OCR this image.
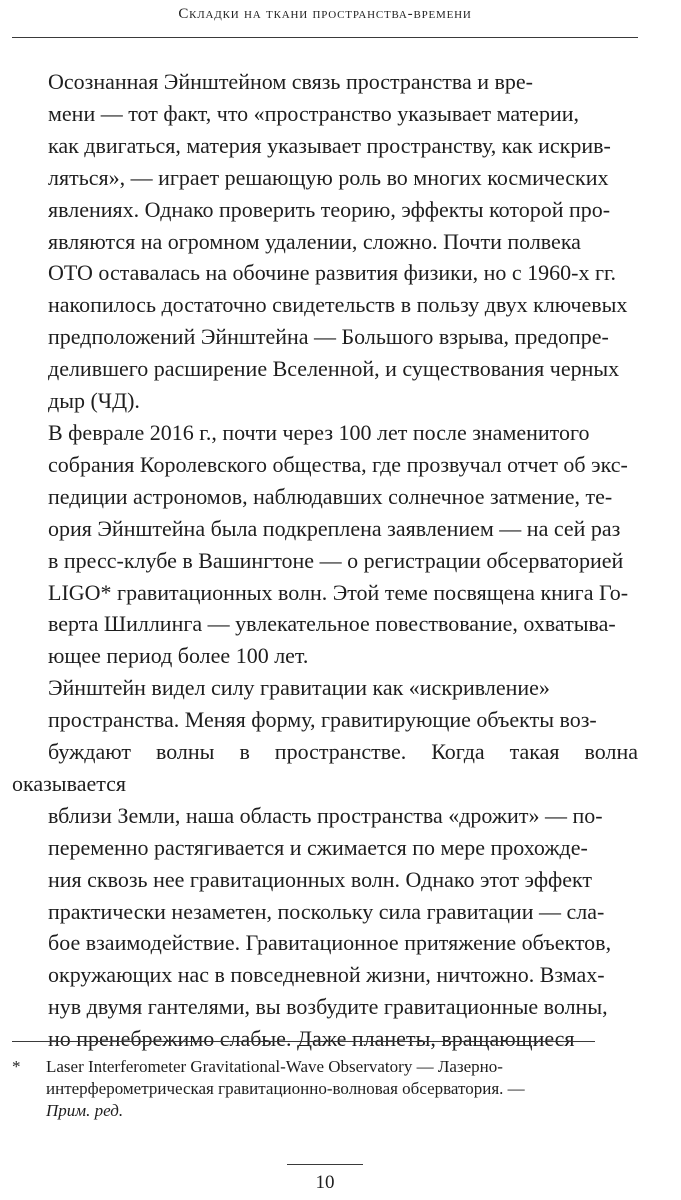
Складки на ткани пространства-времени

Осознанная Эйнштейном связь пространства и вре-
мени — тот факт, что «пространство указывает материи,
как двигаться, материя указывает пространству, как искрив-
ляться», — играет решающую роль во многих космических
явлениях. Однако проверить теорию, эффекты которой про-
являются на огромном удалении, сложно. Почти полвека
ОТО оставалась на обочине развития физики, но с 1960-х гг.
накопилось достаточно свидетельств в пользу двух ключевых
предположений Эйнштейна — Большого взрыва, предопре-
делившего расширение Вселенной, и существования черных
дыр (ЧД).

В феврале 2016 г., почти через 100 лет после знаменитого
собрания Королевского общества, где прозвучал отчет об экс-
педиции астрономов, наблюдавших солнечное затмение, те-
ория Эйнштейна была подкреплена заявлением — на сей раз
в пресс-клубе в Вашингтоне — о регистрации обсерваторией
LIGO* гравитационных волн. Этой теме посвящена книга Го-
верта Шиллинга — увлекательное повествование, охватыва-
ющее период более 100 лет.

Эйнштейн видел силу гравитации как «искривление»
пространства. Меняя форму, гравитирующие объекты воз-
буждают волны в пространстве. Когда такая волна оказывается
вблизи Земли, наша область пространства «дрожит» — по-
переменно растягивается и сжимается по мере прохожде-
ния сквозь нее гравитационных волн. Однако этот эффект
практически незаметен, поскольку сила гравитации — сла-
бое взаимодействие. Гравитационное притяжение объектов,
окружающих нас в повседневной жизни, ничтожно. Взмах-
нув двумя гантелями, вы возбудите гравитационные волны,
но пренебрежимо слабые. Даже планеты, вращающиеся

* Laser Interferometer Gravitational-Wave Observatory — Лазерно-
интерферометрическая гравитационно-волновая обсерватория. —
Прим. ред.
10
